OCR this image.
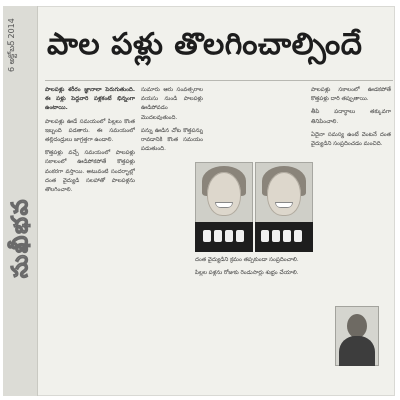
6 అక్టోబర్ 2014
సుఖీభవ
పాల పళ్లు తొలగించాల్సిందే

పాలపళ్లు శరీరం జ్ఞానాలా పెరుగుతుంది. ఈ పళ్లు పెద్దవారి పళ్లకంటే భిన్నంగా ఉంటాయి.

పాలపళ్లు ఊడే సమయంలో పిల్లలు కొంత ఇబ్బంది పడతారు. ఈ సమయంలో తల్లిదండ్రులు జాగ్రత్తగా ఉండాలి.

కొత్తపళ్లు వచ్చే సమయంలో పాలపళ్లు సకాలంలో ఊడిపోకపోతే కొత్తపళ్లు వంకరగా వస్తాయి. అటువంటి సందర్భాల్లో దంత వైద్యుడి సలహాతో పాలపళ్లను తొలగించాలి.

సుమారు ఆరు సంవత్సరాల వయసు నుండి పాలపళ్లు ఊడిపోవడం మొదలవుతుంది.

పన్ను ఊడిన చోట కొత్తపన్ను రావడానికి కొంత సమయం పడుతుంది.

దంత వైద్యుడిని క్రమం తప్పకుండా సంప్రదించాలి.

పిల్లల పళ్లను రోజుకు రెండుసార్లు శుభ్రం చేయాలి.

పాలపళ్లు సకాలంలో ఊడకపోతే కొత్తపళ్లు దారి తప్పుతాయి.

తీపి పదార్థాలు తక్కువగా తినిపించాలి.

ఏదైనా సమస్య ఉంటే వెంటనే దంత వైద్యుడిని సంప్రదించడం మంచిది.
